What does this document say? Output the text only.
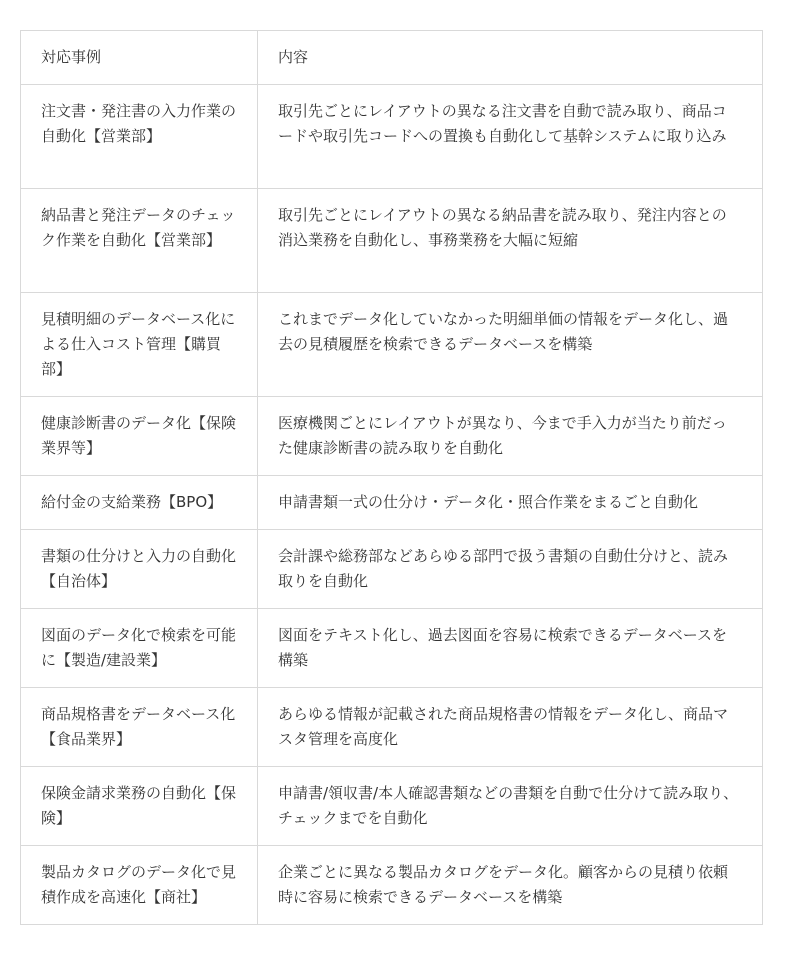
対応事例	内容
注文書・発注書の入力作業の自動化【営業部】	取引先ごとにレイアウトの異なる注文書を自動で読み取り、商品コードや取引先コードへの置換も自動化して基幹システムに取り込み
納品書と発注データのチェック作業を自動化【営業部】	取引先ごとにレイアウトの異なる納品書を読み取り、発注内容との消込業務を自動化し、事務業務を大幅に短縮
見積明細のデータベース化による仕入コスト管理【購買部】	これまでデータ化していなかった明細単価の情報をデータ化し、過去の見積履歴を検索できるデータベースを構築
健康診断書のデータ化【保険業界等】	医療機関ごとにレイアウトが異なり、今まで手入力が当たり前だった健康診断書の読み取りを自動化
給付金の支給業務【BPO】	申請書類一式の仕分け・データ化・照合作業をまるごと自動化
書類の仕分けと入力の自動化【自治体】	会計課や総務部などあらゆる部門で扱う書類の自動仕分けと、読み取りを自動化
図面のデータ化で検索を可能に【製造/建設業】	図面をテキスト化し、過去図面を容易に検索できるデータベースを構築
商品規格書をデータベース化【食品業界】	あらゆる情報が記載された商品規格書の情報をデータ化し、商品マスタ管理を高度化
保険金請求業務の自動化【保険】	申請書/領収書/本人確認書類などの書類を自動で仕分けて読み取り、チェックまでを自動化
製品カタログのデータ化で見積作成を高速化【商社】	企業ごとに異なる製品カタログをデータ化。顧客からの見積り依頼時に容易に検索できるデータベースを構築
